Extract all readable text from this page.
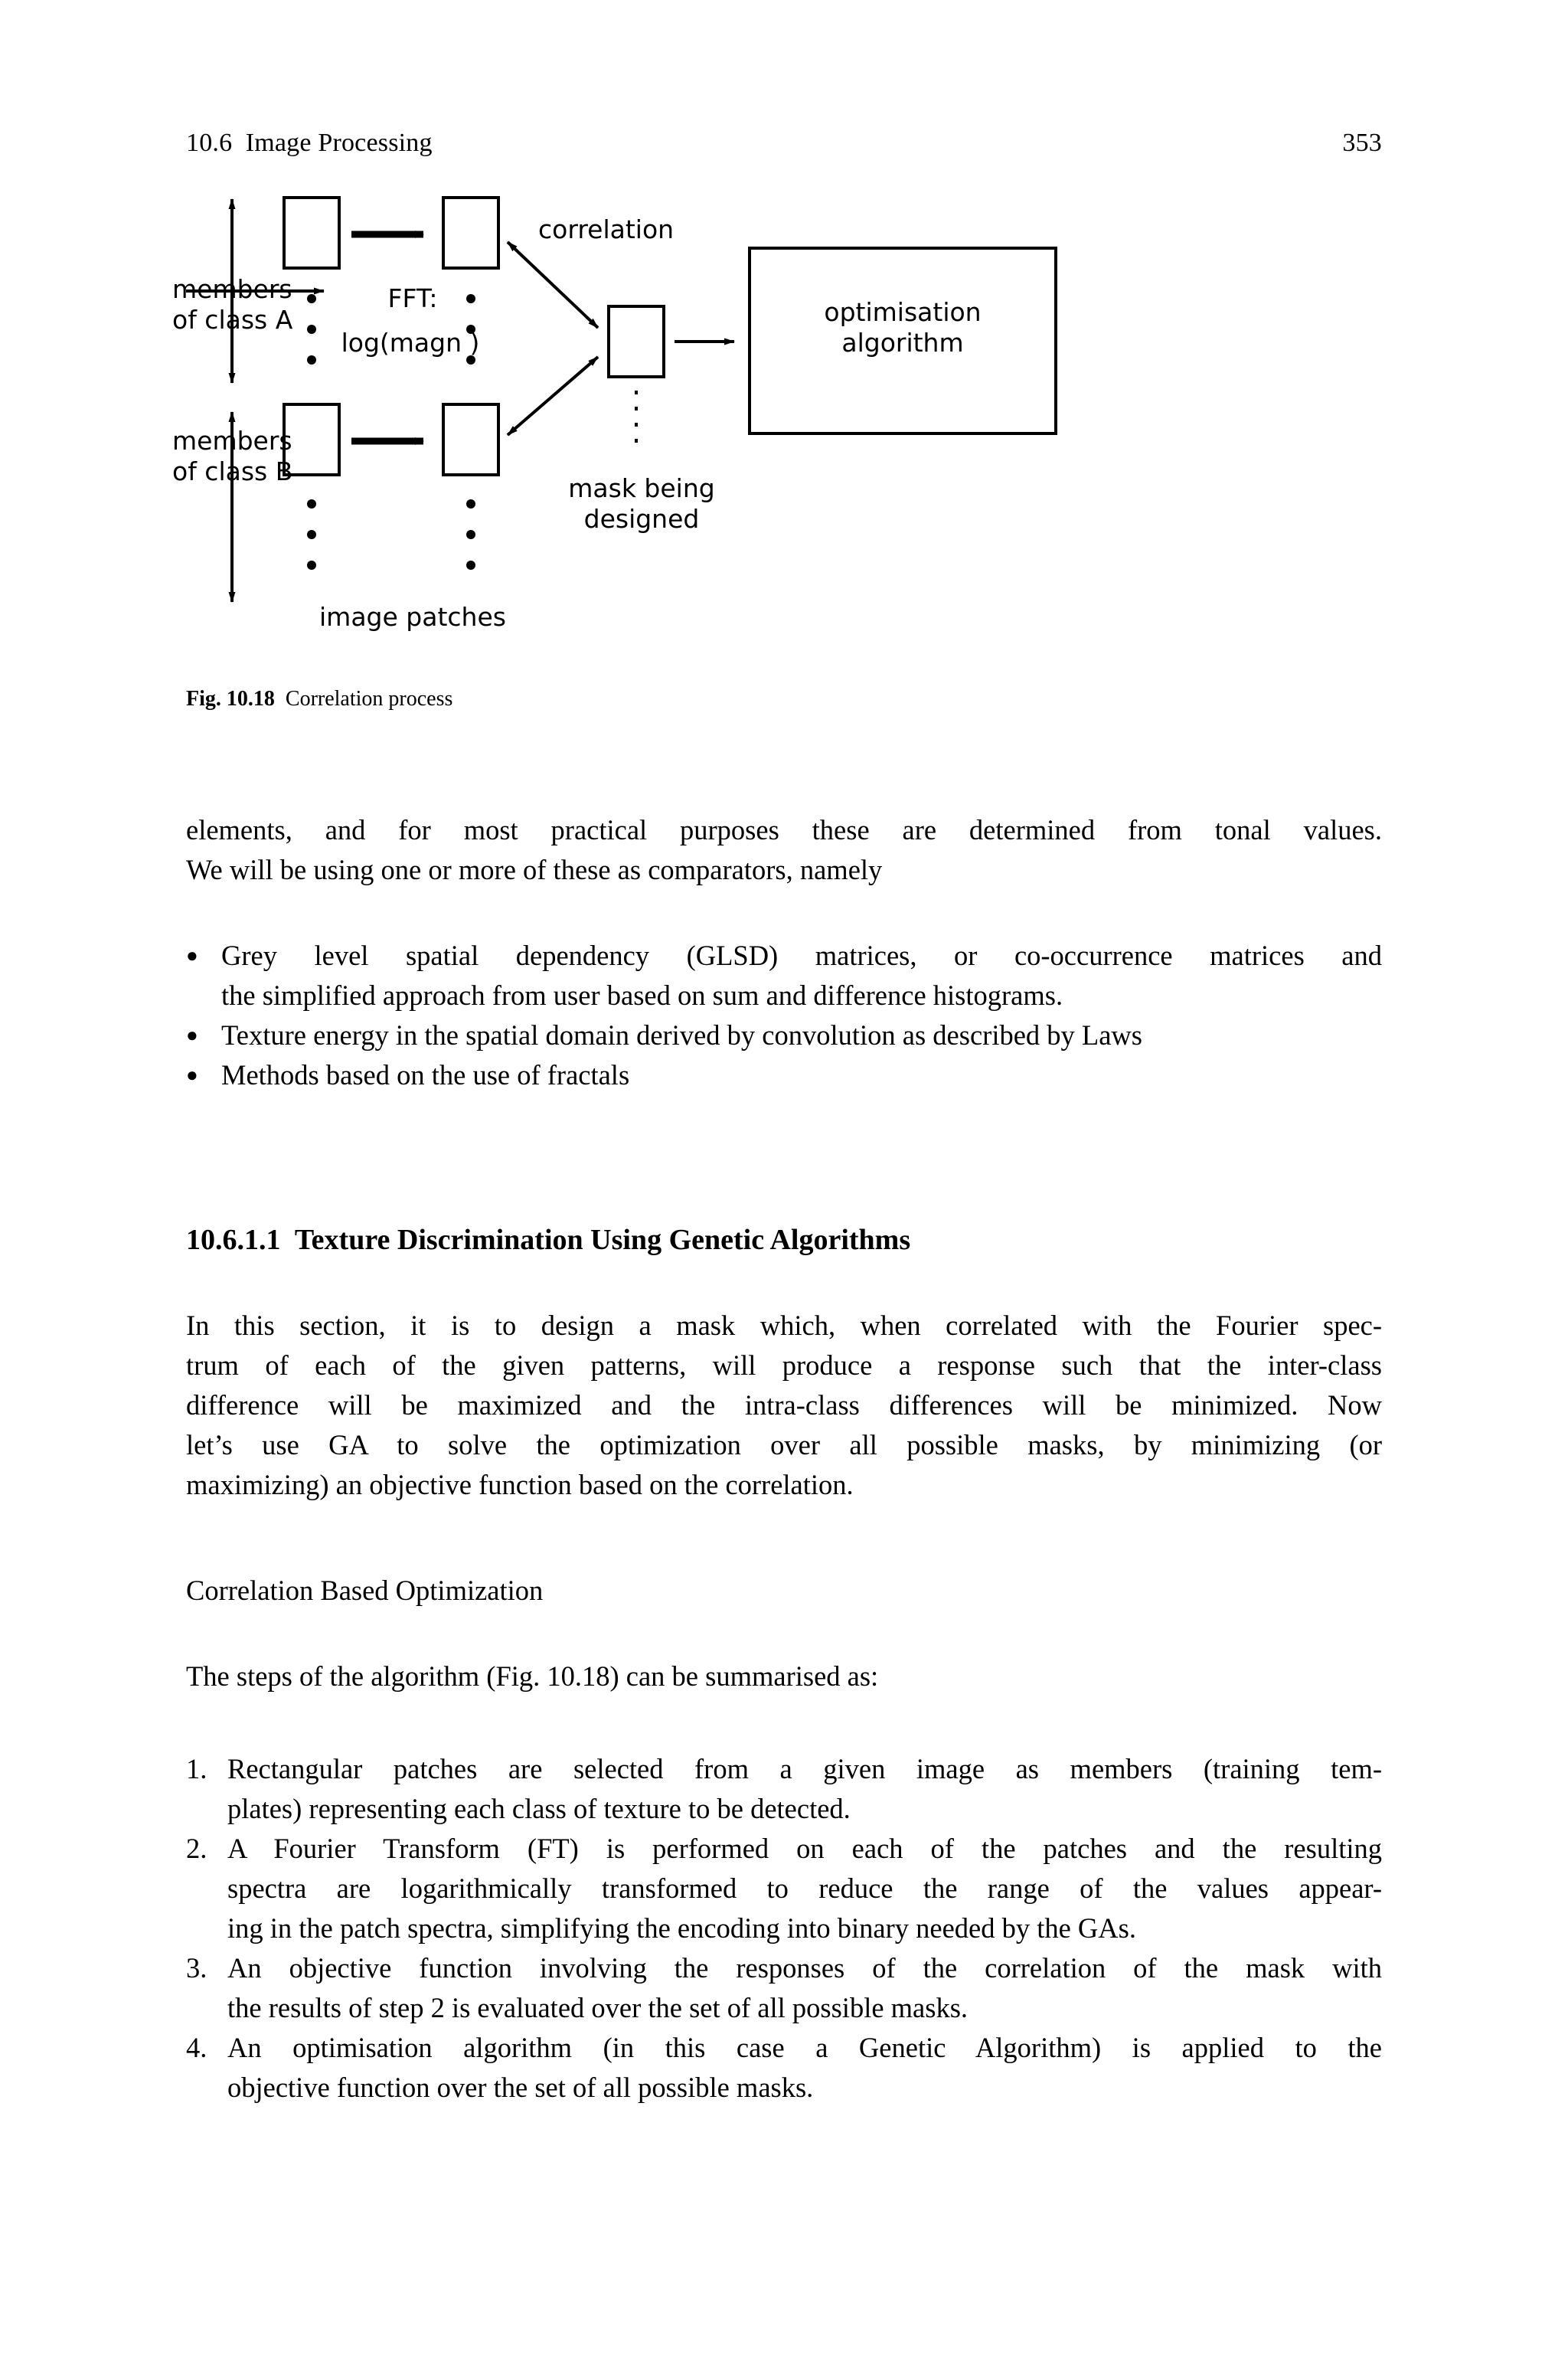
10.6  Image Processing	353
members
of class A
members
of class B
FFT:
log(magn )
image patches
correlation
mask being
designed
optimisation
algorithm
Fig. 10.18 Correlation process

elements, and for most practical purposes these are determined from tonal values.
We will be using one or more of these as comparators, namely

● Grey level spatial dependency (GLSD) matrices, or co-occurrence matrices and
the simplified approach from user based on sum and difference histograms.
● Texture energy in the spatial domain derived by convolution as described by Laws
● Methods based on the use of fractals
10.6.1.1  Texture Discrimination Using Genetic Algorithms

In this section, it is to design a mask which, when correlated with the Fourier spec-
trum of each of the given patterns, will produce a response such that the inter-class
difference will be maximized and the intra-class differences will be minimized. Now
let’s use GA to solve the optimization over all possible masks, by minimizing (or
maximizing) an objective function based on the correlation.

Correlation Based Optimization
The steps of the algorithm (Fig. 10.18) can be summarised as:
1. Rectangular patches are selected from a given image as members (training tem-
plates) representing each class of texture to be detected.
2. A Fourier Transform (FT) is performed on each of the patches and the resulting
spectra are logarithmically transformed to reduce the range of the values appear-
ing in the patch spectra, simplifying the encoding into binary needed by the GAs.
3. An objective function involving the responses of the correlation of the mask with
the results of step 2 is evaluated over the set of all possible masks.
4. An optimisation algorithm (in this case a Genetic Algorithm) is applied to the
objective function over the set of all possible masks.
